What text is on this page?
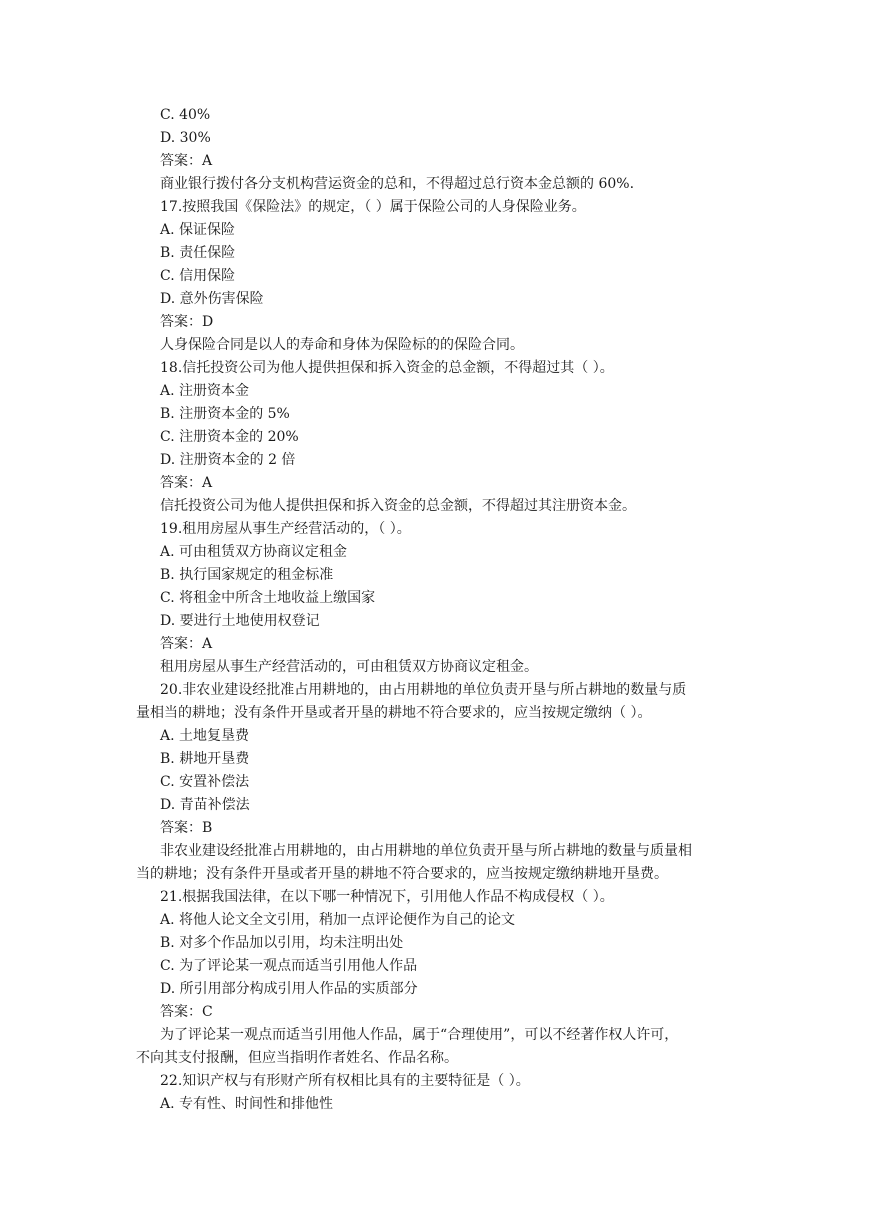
C. 40%
D. 30%
答案：A
商业银行拨付各分支机构营运资金的总和，不得超过总行资本金总额的 60%.
17.按照我国《保险法》的规定，（ ）属于保险公司的人身保险业务。
A. 保证保险
B. 责任保险
C. 信用保险
D. 意外伤害保险
答案：D
人身保险合同是以人的寿命和身体为保险标的的保险合同。
18.信托投资公司为他人提供担保和拆入资金的总金额，不得超过其（ ）。
A. 注册资本金
B. 注册资本金的 5%
C. 注册资本金的 20%
D. 注册资本金的 2 倍
答案：A
信托投资公司为他人提供担保和拆入资金的总金额，不得超过其注册资本金。
19.租用房屋从事生产经营活动的，（ ）。
A. 可由租赁双方协商议定租金
B. 执行国家规定的租金标准
C. 将租金中所含土地收益上缴国家
D. 要进行土地使用权登记
答案：A
租用房屋从事生产经营活动的，可由租赁双方协商议定租金。
20.非农业建设经批准占用耕地的，由占用耕地的单位负责开垦与所占耕地的数量与质
量相当的耕地；没有条件开垦或者开垦的耕地不符合要求的，应当按规定缴纳（ ）。
A. 土地复垦费
B. 耕地开垦费
C. 安置补偿法
D. 青苗补偿法
答案：B
非农业建设经批准占用耕地的，由占用耕地的单位负责开垦与所占耕地的数量与质量相
当的耕地；没有条件开垦或者开垦的耕地不符合要求的，应当按规定缴纳耕地开垦费。
21.根据我国法律，在以下哪一种情况下，引用他人作品不构成侵权（ ）。
A. 将他人论文全文引用，稍加一点评论便作为自己的论文
B. 对多个作品加以引用，均未注明出处
C. 为了评论某一观点而适当引用他人作品
D. 所引用部分构成引用人作品的实质部分
答案：C
为了评论某一观点而适当引用他人作品，属于“合理使用”，可以不经著作权人许可，
不向其支付报酬，但应当指明作者姓名、作品名称。
22.知识产权与有形财产所有权相比具有的主要特征是（ ）。
A. 专有性、时间性和排他性
